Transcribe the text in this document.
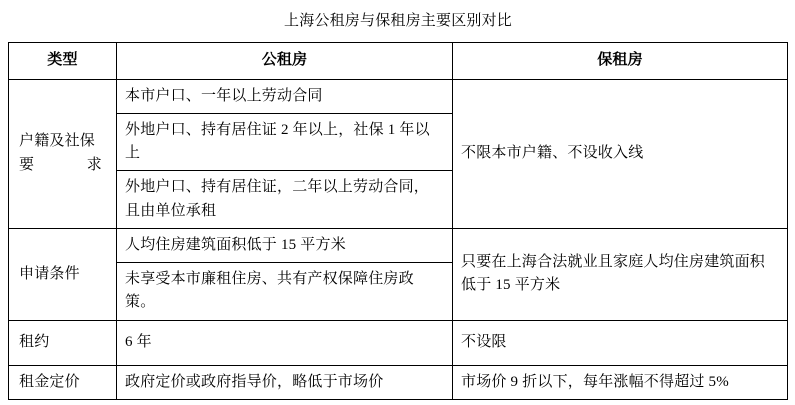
上海公租房与保租房主要区别对比		
类型	公租房	保租房
户籍及社保要求	本市户口、一年以上劳动合同	不限本市户籍、不设收入线
	外地户口、持有居住证 2 年以上，社保 1 年以上	
	外地户口、持有居住证，二年以上劳动合同，且由单位承租	
申请条件	人均住房建筑面积低于 15 平方米	只要在上海合法就业且家庭人均住房建筑面积低于 15 平方米
	未享受本市廉租住房、共有产权保障住房政策。	
租约	6 年	不设限
租金定价	政府定价或政府指导价，略低于市场价	市场价 9 折以下，每年涨幅不得超过 5%
